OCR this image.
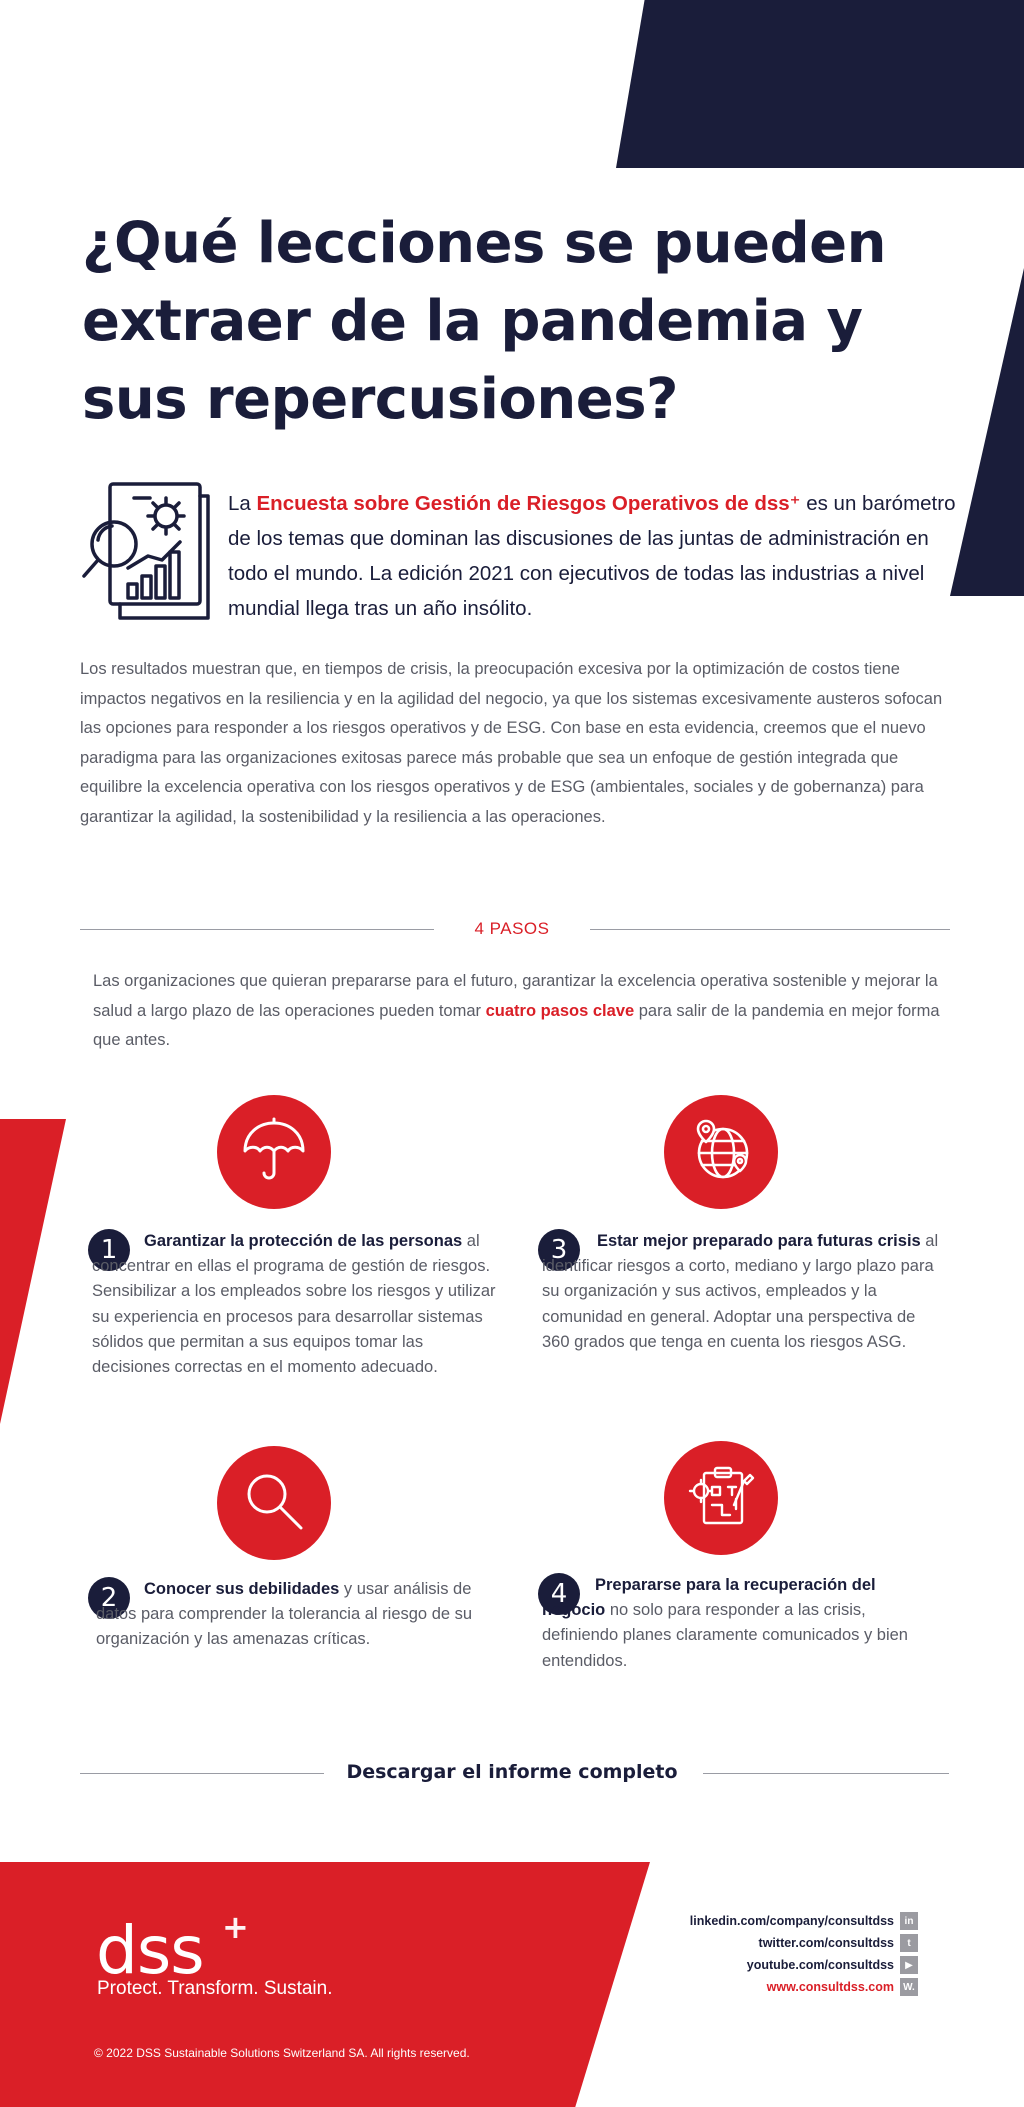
¿Qué lecciones se pueden extraer de la pandemia y sus repercusiones?

La Encuesta sobre Gestión de Riesgos Operativos de dss⁺ es un barómetro de los temas que dominan las discusiones de las juntas de administración en todo el mundo. La edición 2021 con ejecutivos de todas las industrias a nivel mundial llega tras un año insólito.

Los resultados muestran que, en tiempos de crisis, la preocupación excesiva por la optimización de costos tiene impactos negativos en la resiliencia y en la agilidad del negocio, ya que los sistemas excesivamente austeros sofocan las opciones para responder a los riesgos operativos y de ESG. Con base en esta evidencia, creemos que el nuevo paradigma para las organizaciones exitosas parece más probable que sea un enfoque de gestión integrada que equilibre la excelencia operativa con los riesgos operativos y de ESG (ambientales, sociales y de gobernanza) para garantizar la agilidad, la sostenibilidad y la resiliencia a las operaciones.

4 PASOS

Las organizaciones que quieran prepararse para el futuro, garantizar la excelencia operativa sostenible y mejorar la salud a largo plazo de las operaciones pueden tomar cuatro pasos clave para salir de la pandemia en mejor forma que antes.

1	Garantizar la protección de las personas al concentrar en ellas el programa de gestión de riesgos. Sensibilizar a los empleados sobre los riesgos y utilizar su experiencia en procesos para desarrollar sistemas sólidos que permitan a sus equipos tomar las decisiones correctas en el momento adecuado.
3	Estar mejor preparado para futuras crisis al identificar riesgos a corto, mediano y largo plazo para su organización y sus activos, empleados y la comunidad en general. Adoptar una perspectiva de 360 grados que tenga en cuenta los riesgos ASG.
2	Conocer sus debilidades y usar análisis de datos para comprender la tolerancia al riesgo de su organización y las amenazas críticas.
4	Prepararse para la recuperación del negocio no solo para responder a las crisis, definiendo planes claramente comunicados y bien entendidos.
Descargar el informe completo
dss +
Protect. Transform. Sustain.
© 2022 DSS Sustainable Solutions Switzerland SA. All rights reserved.
linkedin.com/company/consultdss	in
twitter.com/consultdss	t
youtube.com/consultdss	▶
www.consultdss.com W.
